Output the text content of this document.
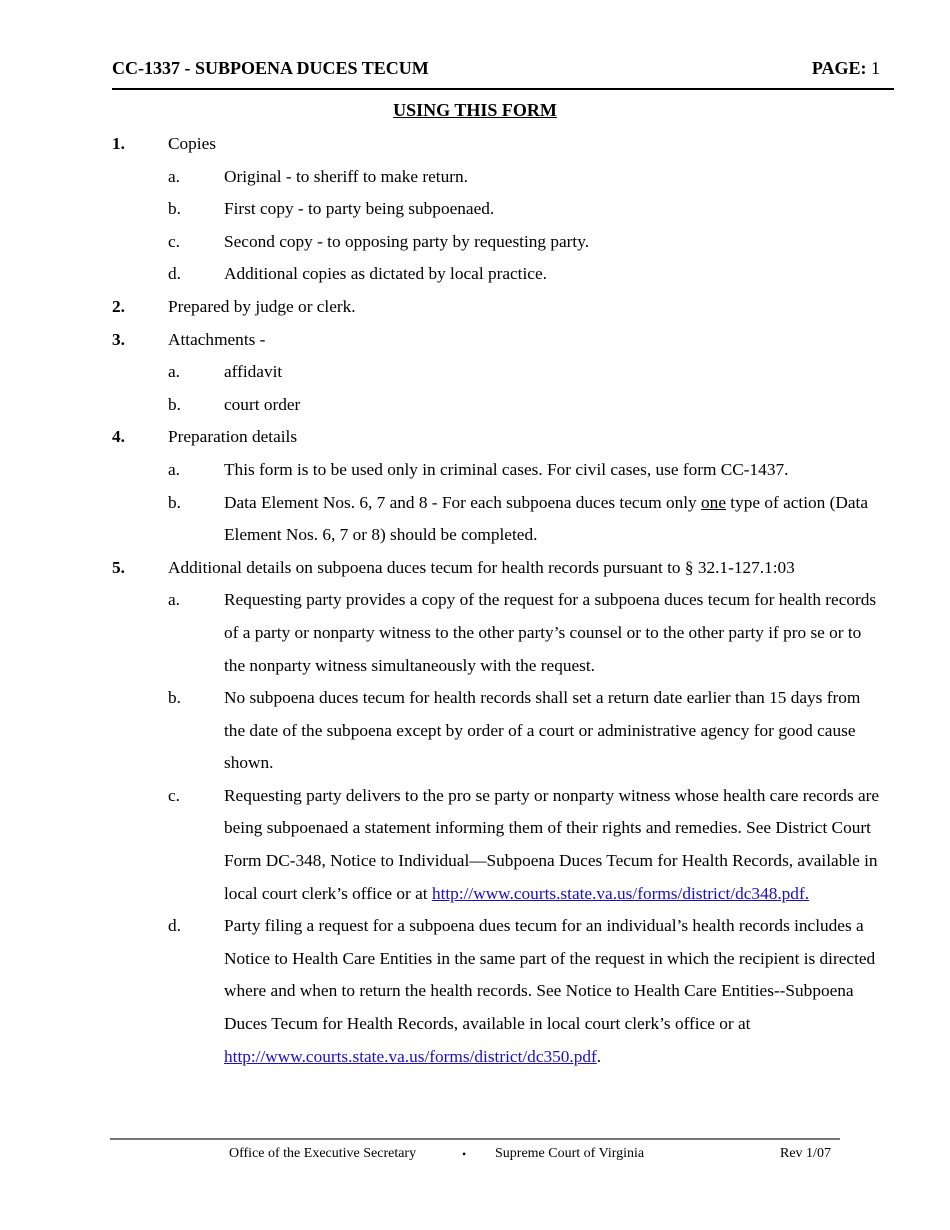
CC-1337 - SUBPOENA DUCES TECUM	PAGE: 1
USING THIS FORM
1. Copies
a.	Original - to sheriff to make return.
b. First copy - to party being subpoenaed.
c.	Second copy - to opposing party by requesting party.
d. Additional copies as dictated by local practice.
2. Prepared by judge or clerk.
3. Attachments -
a.	affidavit
b. court order
4. Preparation details
a.	This form is to be used only in criminal cases. For civil cases, use form CC-1437.
b. Data Element Nos. 6, 7 and 8 - For each subpoena duces tecum only one type of action (Data Element Nos. 6, 7 or 8) should be completed.
5. Additional details on subpoena duces tecum for health records pursuant to § 32.1-127.1:03
a.	Requesting party provides a copy of the request for a subpoena duces tecum for health records of a party or nonparty witness to the other party’s counsel or to the other party if pro se or to the nonparty witness simultaneously with the request.
b. No subpoena duces tecum for health records shall set a return date earlier than 15 days from the date of the subpoena except by order of a court or administrative agency for good cause shown.
c.	Requesting party delivers to the pro se party or nonparty witness whose health care records are being subpoenaed a statement informing them of their rights and remedies. See District Court Form DC-348, Notice to Individual—Subpoena Duces Tecum for Health Records, available in local court clerk’s office or at http://www.courts.state.va.us/forms/district/dc348.pdf.
d. Party filing a request for a subpoena dues tecum for an individual’s health records includes a Notice to Health Care Entities in the same part of the request in which the recipient is directed where and when to return the health records. See Notice to Health Care Entities--Subpoena Duces Tecum for Health Records, available in local court clerk’s office or at http://www.courts.state.va.us/forms/district/dc350.pdf.
Office of the Executive Secretary	• Supreme Court of Virginia	Rev 1/07
